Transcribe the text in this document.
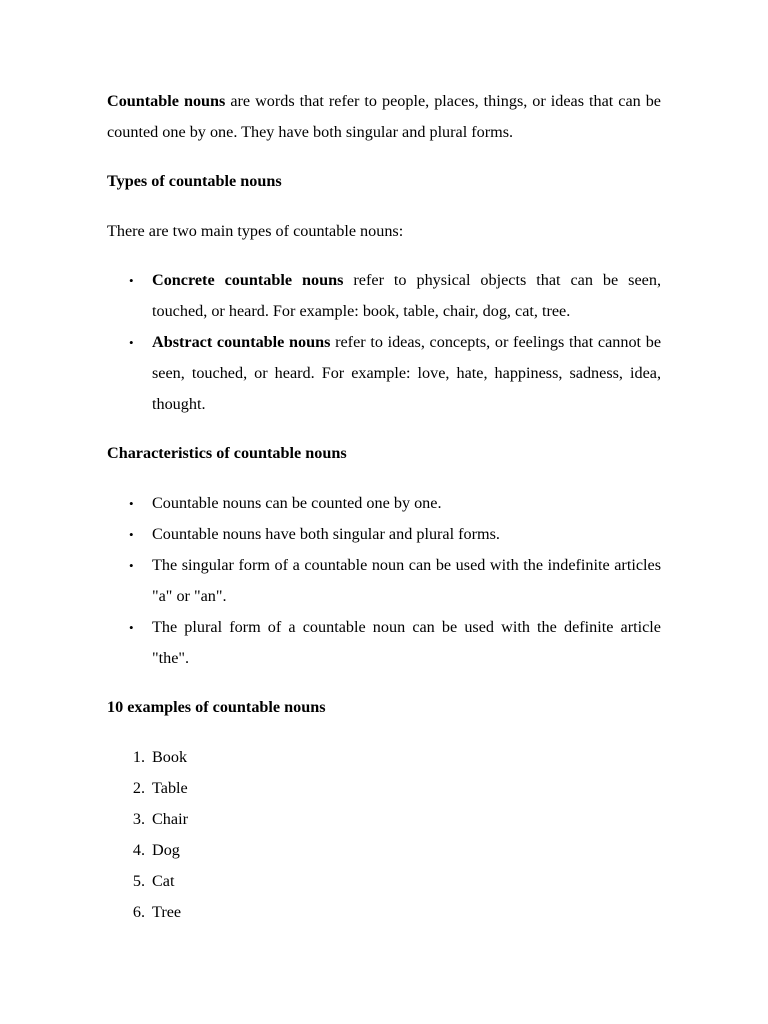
Countable nouns are words that refer to people, places, things, or ideas that can be counted one by one. They have both singular and plural forms.

Types of countable nouns

There are two main types of countable nouns:

• Concrete countable nouns refer to physical objects that can be seen, touched, or heard. For example: book, table, chair, dog, cat, tree.
• Abstract countable nouns refer to ideas, concepts, or feelings that cannot be seen, touched, or heard. For example: love, hate, happiness, sadness, idea, thought.

Characteristics of countable nouns

• Countable nouns can be counted one by one.
• Countable nouns have both singular and plural forms.
• The singular form of a countable noun can be used with the indefinite articles "a" or "an".
• The plural form of a countable noun can be used with the definite article "the".

10 examples of countable nouns

1. Book
2. Table
3. Chair
4. Dog
5. Cat
6. Tree
